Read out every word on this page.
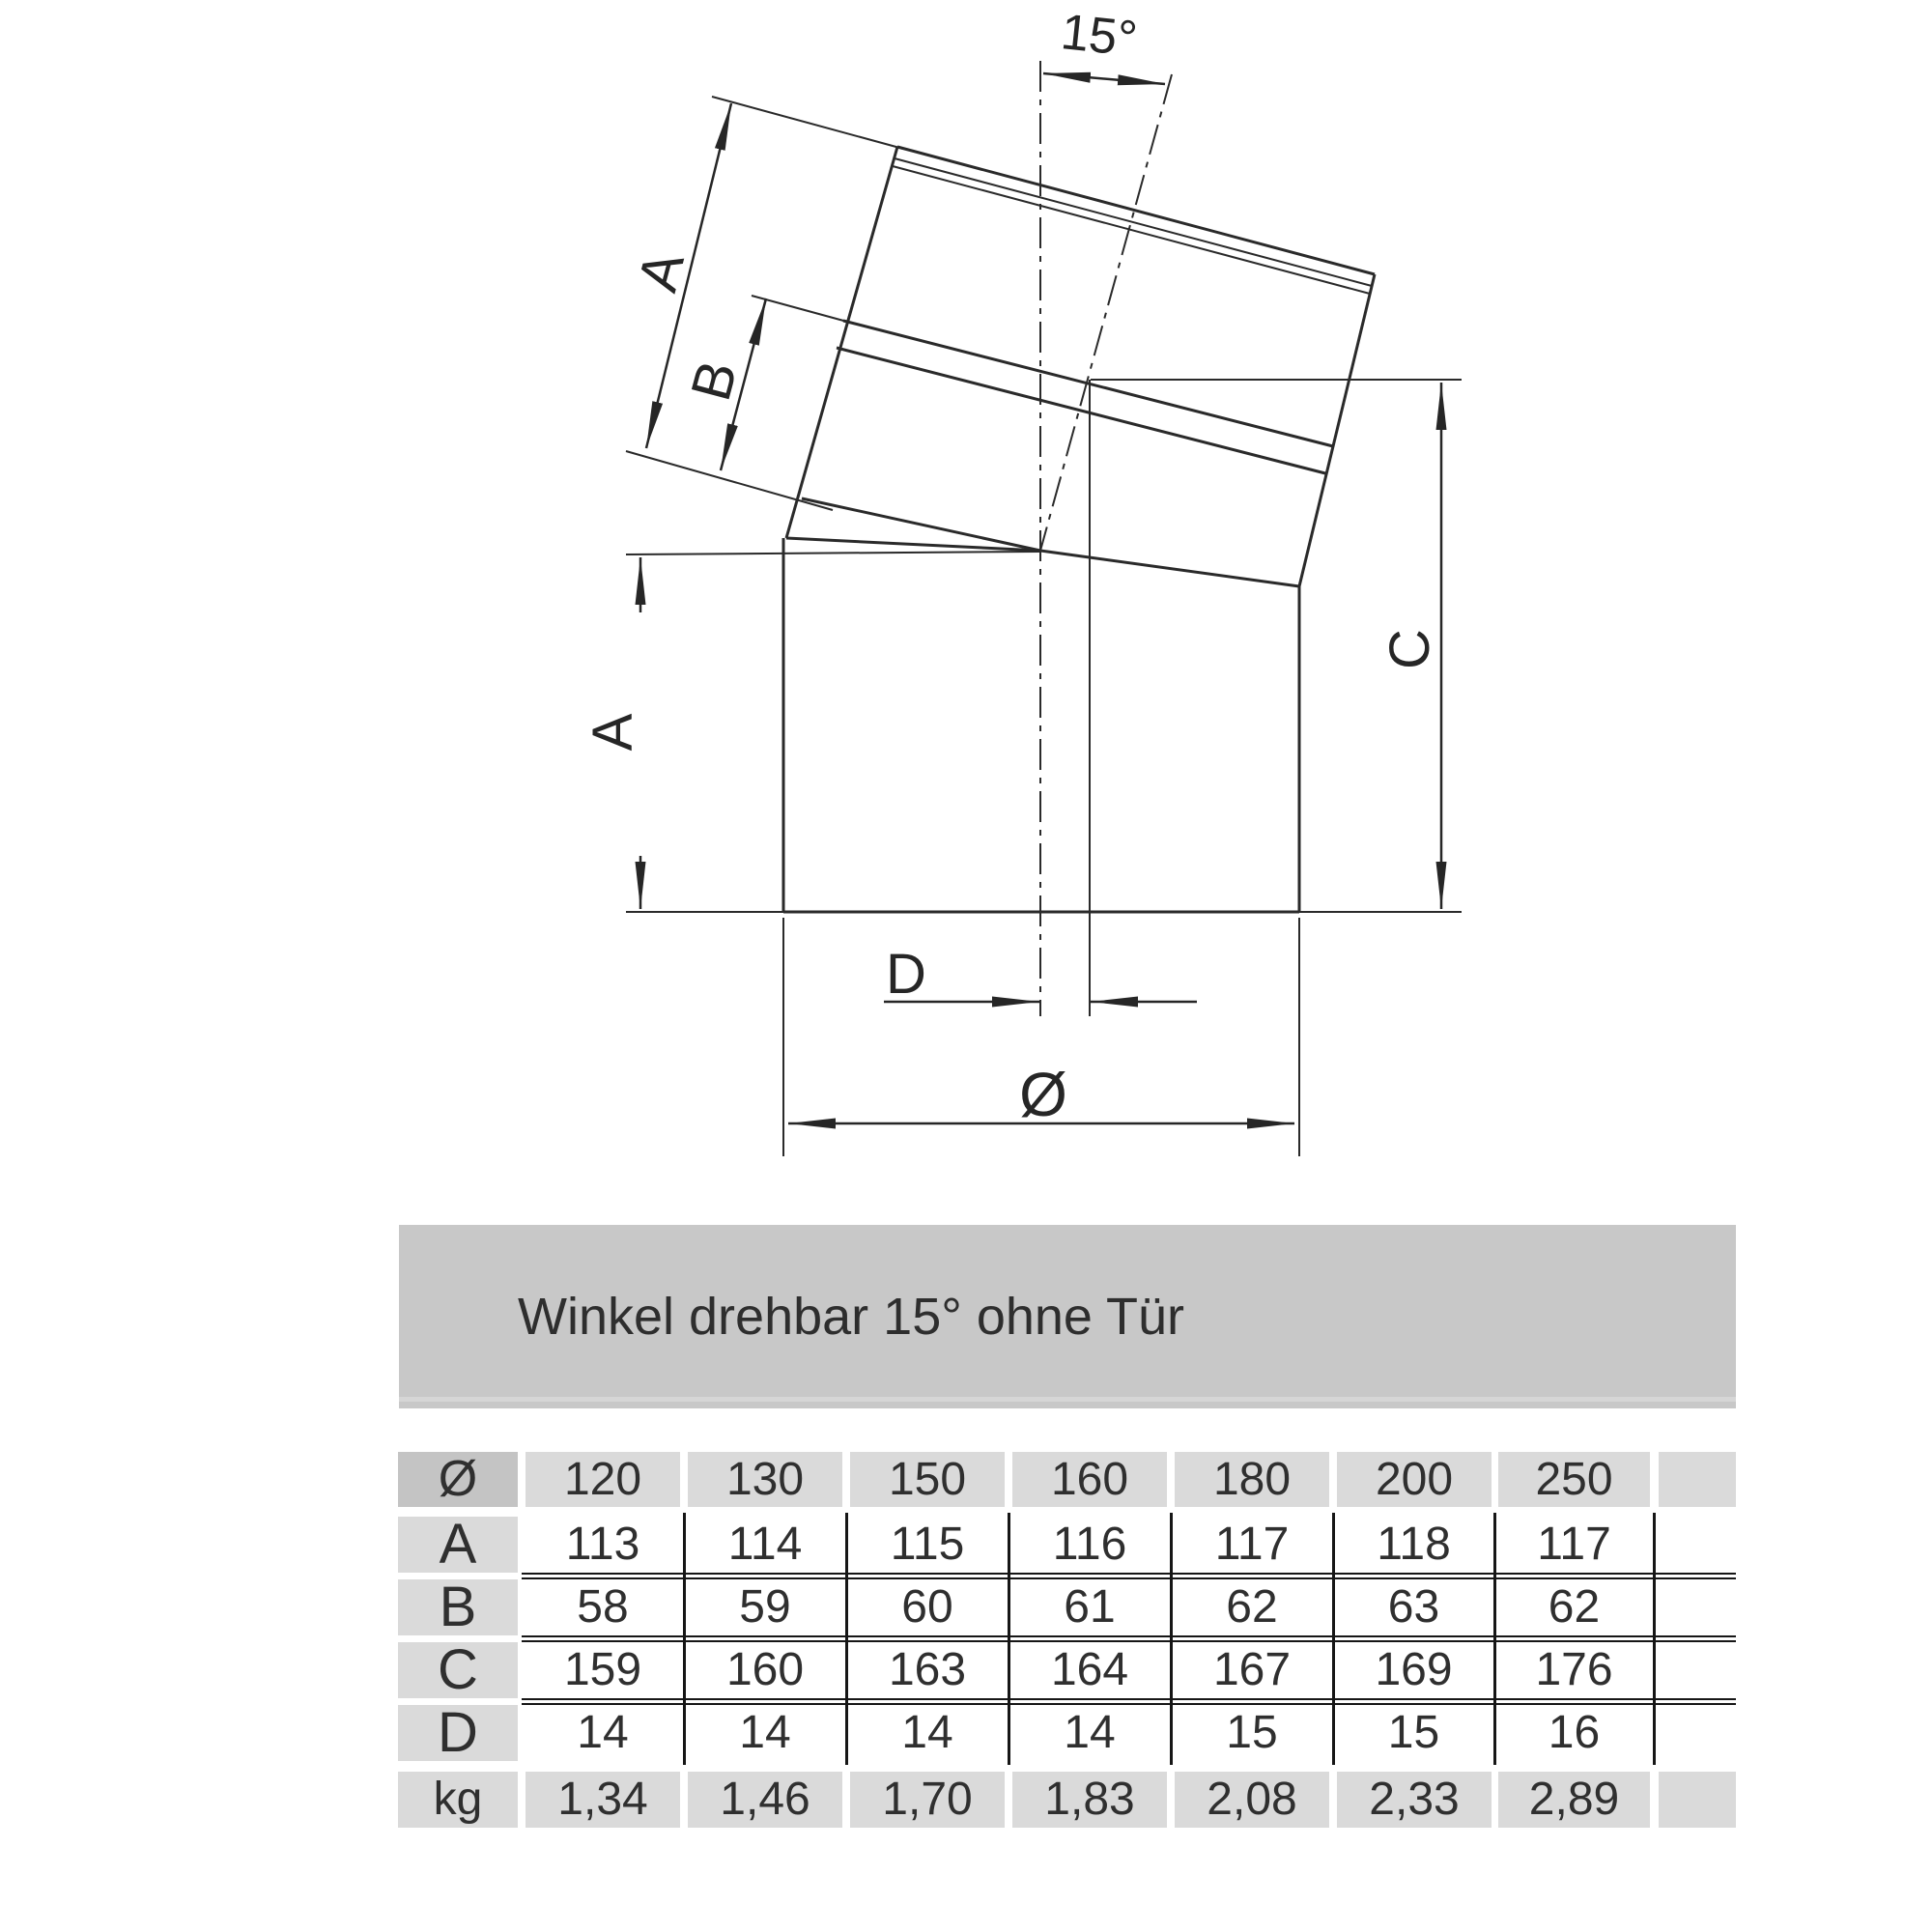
15°
A
B
A
C
D
Ø
Winkel drehbar 15° ohne Tür
Ø	120	130	150	160	180	200	250
A	113	114	115	116	117	118	117
B	58	59	60	61	62	63	62
C	159	160	163	164	167	169	176
D	14	14	14	14	15	15	16
kg	1,34	1,46	1,70	1,83	2,08	2,33	2,89
